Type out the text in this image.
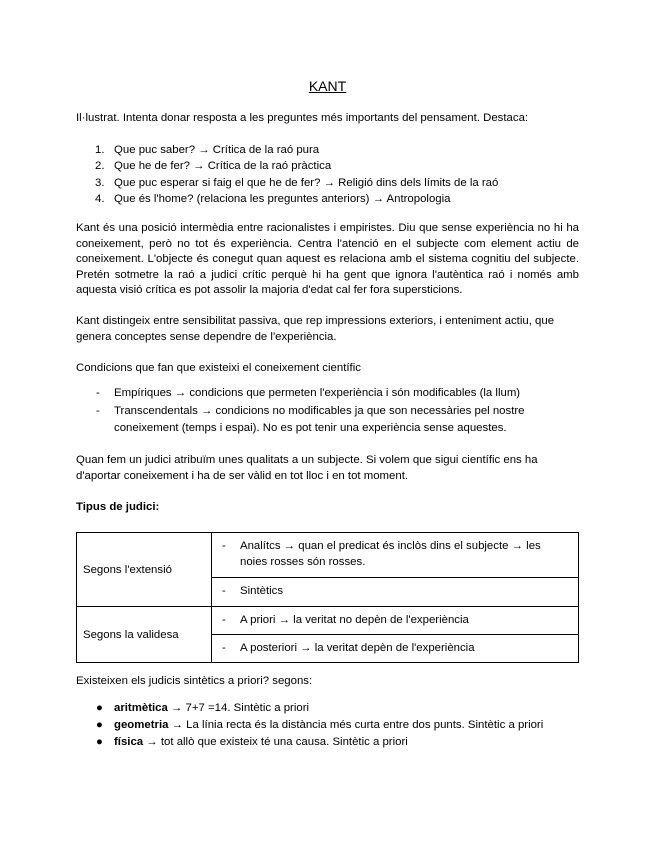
KANT

Il·lustrat. Intenta donar resposta a les preguntes més importants del pensament. Destaca:

1. Que puc saber? → Crítica de la raó pura
2. Que he de fer? → Crítica de la raó pràctica
3. Que puc esperar si faig el que he de fer? → Religió dins dels límits de la raó
4. Que és l'home? (relaciona les preguntes anteriors) → Antropologia

Kant és una posició intermèdia entre racionalistes i empiristes. Diu que sense experiència no hi ha coneixement, però no tot és experiència. Centra l'atenció en el subjecte com element actiu de coneixement. L'objecte és conegut quan aquest es relaciona amb el sistema cognitiu del subjecte. Pretén sotmetre la raó a judici crític perquè hi ha gent que ignora l'autèntica raó i només amb aquesta visió crítica es pot assolir la majoria d'edat cal fer fora supersticions.

Kant distingeix entre sensibilitat passiva, que rep impressions exteriors, i enteniment actiu, que genera conceptes sense dependre de l'experiència.

Condicions que fan que existeixi el coneixement científic

- Empíriques → condicions que permeten l'experiència i són modificables (la llum)
- Transcendentals → condicions no modificables ja que son necessàries pel nostre coneixement (temps i espai). No es pot tenir una experiència sense aquestes.

Quan fem un judici atribuïm unes qualitats a un subjecte. Si volem que sigui científic ens ha d'aportar coneixement i ha de ser vàlid en tot lloc i en tot moment.

Tipus de judici:

Segons l'extensió	- Analítcs → quan el predicat és inclòs dins el subjecte → les noies rosses són rosses.

	- Sintètics

Segons la validesa	- A priori → la veritat no depèn de l'experiència

	- A posteriori → la veritat depèn de l'experiència

Existeixen els judicis sintètics a priori? segons:

● aritmètica → 7+7 =14. Sintètic a priori
● geometria → La línia recta és la distància més curta entre dos punts. Sintètic a priori
● física → tot allò que existeix té una causa. Sintètic a priori
